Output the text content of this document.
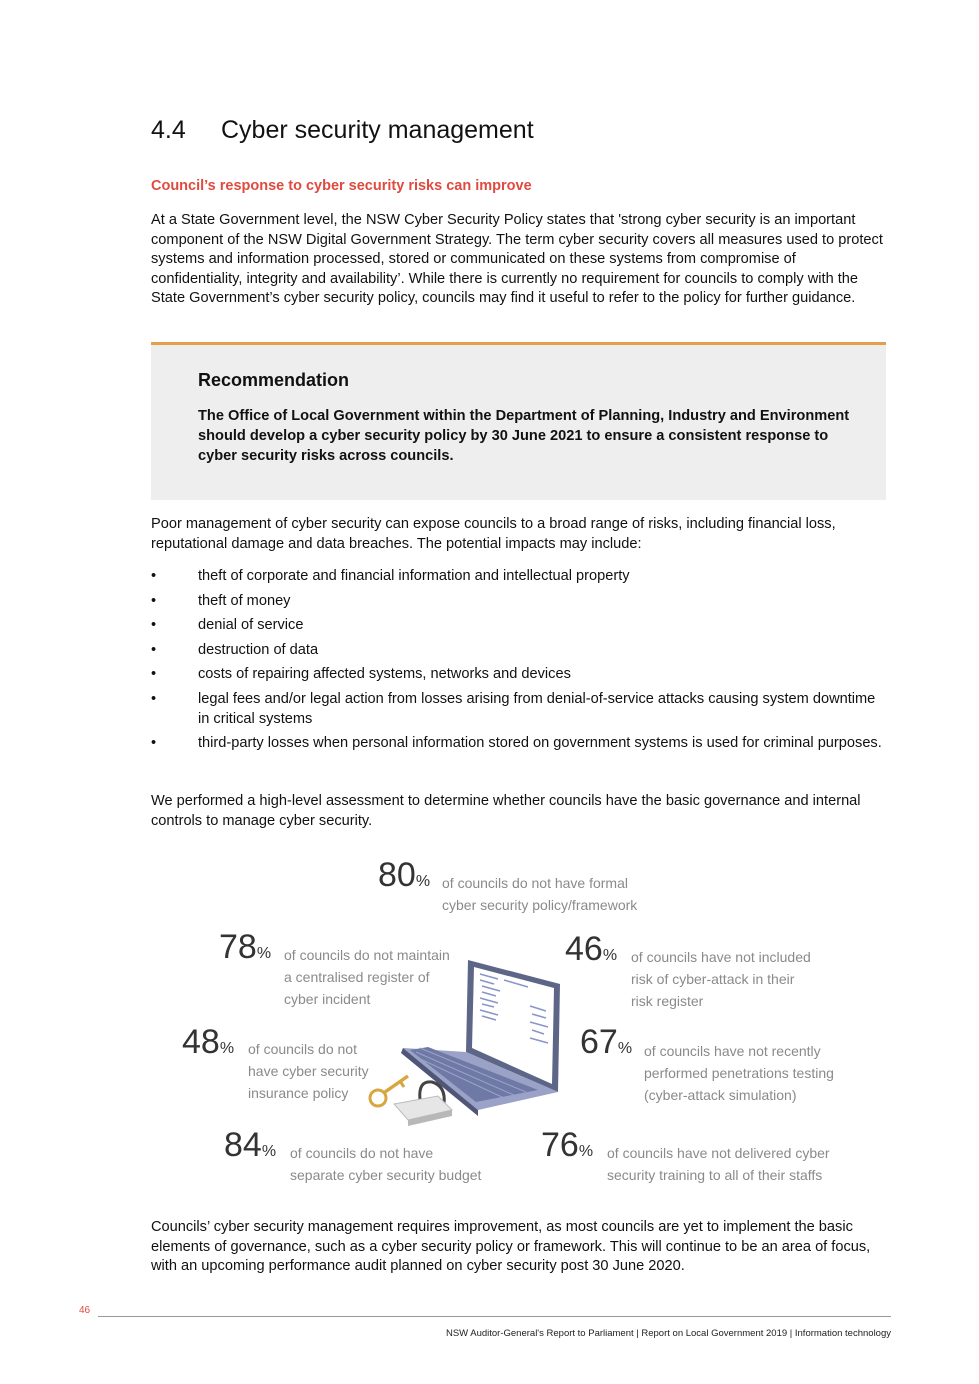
4.4 Cyber security management
Council’s response to cyber security risks can improve
At a State Government level, the NSW Cyber Security Policy states that 'strong cyber security is an important component of the NSW Digital Government Strategy. The term cyber security covers all measures used to protect systems and information processed, stored or communicated on these systems from compromise of confidentiality, integrity and availability’. While there is currently no requirement for councils to comply with the State Government’s cyber security policy, councils may find it useful to refer to the policy for further guidance.
Recommendation
The Office of Local Government within the Department of Planning, Industry and Environment should develop a cyber security policy by 30 June 2021 to ensure a consistent response to cyber security risks across councils.
Poor management of cyber security can expose councils to a broad range of risks, including financial loss, reputational damage and data breaches. The potential impacts may include:
•	theft of corporate and financial information and intellectual property
•	theft of money
•	denial of service
•	destruction of data
•	costs of repairing affected systems, networks and devices
•	legal fees and/or legal action from losses arising from denial-of-service attacks causing system downtime in critical systems
•	third-party losses when personal information stored on government systems is used for criminal purposes.
We performed a high-level assessment to determine whether councils have the basic governance and internal controls to manage cyber security.
80% of councils do not have formal
cyber security policy/framework
78% of councils do not maintain
a centralised register of
cyber incident
46% of councils have not included
risk of cyber-attack in their
risk register
48% of councils do not
have cyber security
insurance policy
67% of councils have not recently
performed penetrations testing
(cyber-attack simulation)
84% of councils do not have
separate cyber security budget
76% of councils have not delivered cyber
security training to all of their staffs
Councils’ cyber security management requires improvement, as most councils are yet to implement the basic elements of governance, such as a cyber security policy or framework. This will continue to be an area of focus, with an upcoming performance audit planned on cyber security post 30 June 2020.
46
NSW Auditor-General's Report to Parliament | Report on Local Government 2019 | Information technology
